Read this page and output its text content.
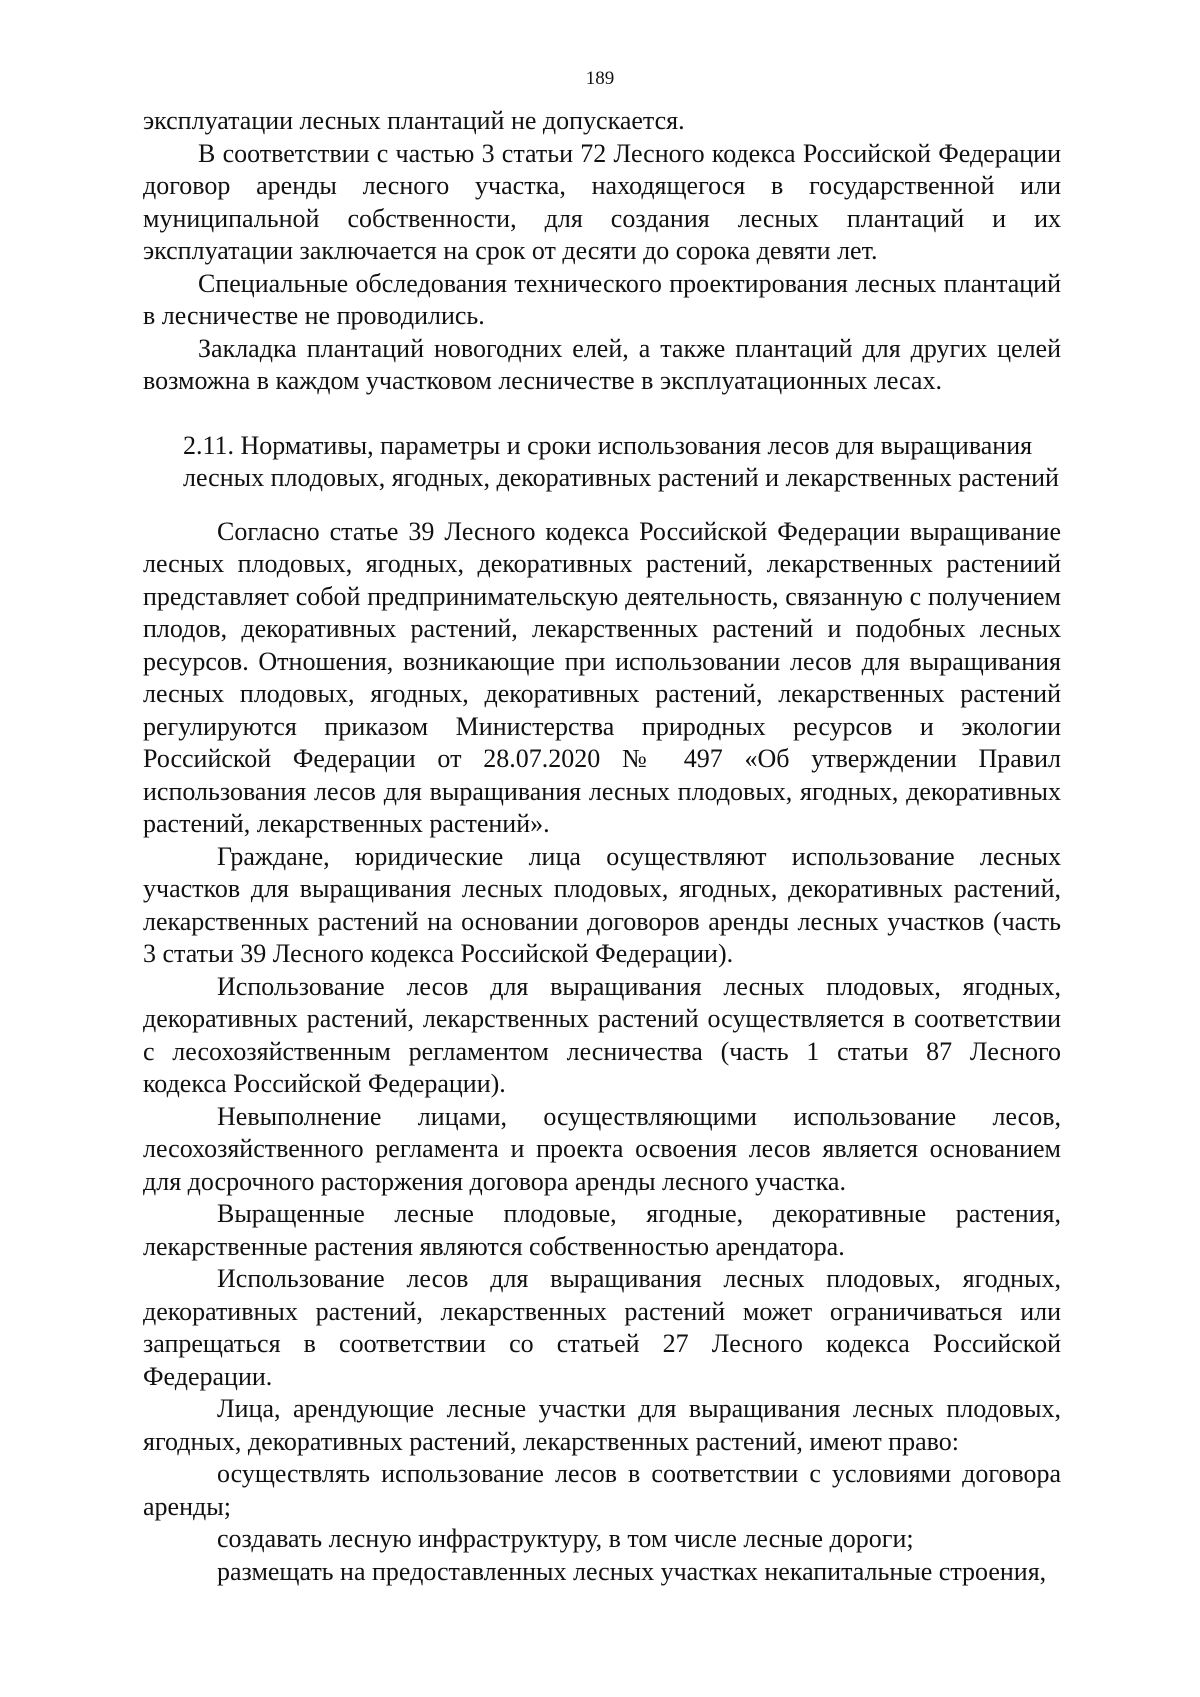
189

эксплуатации лесных плантаций не допускается.

В соответствии с частью 3 статьи 72 Лесного кодекса Российской Федерации договор аренды лесного участка, находящегося в государственной или муниципальной собственности, для создания лесных плантаций и их эксплуатации заключается на срок от десяти до сорока девяти лет.

Специальные обследования технического проектирования лесных плантаций в лесничестве не проводились.

Закладка плантаций новогодних елей, а также плантаций для других целей возможна в каждом участковом лесничестве в эксплуатационных лесах.

2.11. Нормативы, параметры и сроки использования лесов для выращивания
лесных плодовых, ягодных, декоративных растений и лекарственных растений

Согласно статье 39 Лесного кодекса Российской Федерации выращивание лесных плодовых, ягодных, декоративных растений, лекарственных растениий представляет собой предпринимательскую деятельность, связанную с получением плодов, декоративных растений, лекарственных растений и подобных лесных ресурсов. Отношения, возникающие при использовании лесов для выращивания лесных плодовых, ягодных, декоративных растений, лекарственных растений регулируются приказом Министерства природных ресурсов и экологии Российской Федерации от 28.07.2020 № 497 «Об утверждении Правил использования лесов для выращивания лесных плодовых, ягодных, декоративных растений, лекарственных растений».

Граждане, юридические лица осуществляют использование лесных участков для выращивания лесных плодовых, ягодных, декоративных растений, лекарственных растений на основании договоров аренды лесных участков (часть 3 статьи 39 Лесного кодекса Российской Федерации).

Использование лесов для выращивания лесных плодовых, ягодных, декоративных растений, лекарственных растений осуществляется в соответствии с лесохозяйственным регламентом лесничества (часть 1 статьи 87 Лесного кодекса Российской Федерации).

Невыполнение лицами, осуществляющими использование лесов, лесохозяйственного регламента и проекта освоения лесов является основанием для досрочного расторжения договора аренды лесного участка.

Выращенные лесные плодовые, ягодные, декоративные растения, лекарственные растения являются собственностью арендатора.

Использование лесов для выращивания лесных плодовых, ягодных, декоративных растений, лекарственных растений может ограничиваться или запрещаться в соответствии со статьей 27 Лесного кодекса Российской Федерации.

Лица, арендующие лесные участки для выращивания лесных плодовых, ягодных, декоративных растений, лекарственных растений, имеют право:

осуществлять использование лесов в соответствии с условиями договора аренды;

создавать лесную инфраструктуру, в том числе лесные дороги;

размещать на предоставленных лесных участках некапитальные строения,
